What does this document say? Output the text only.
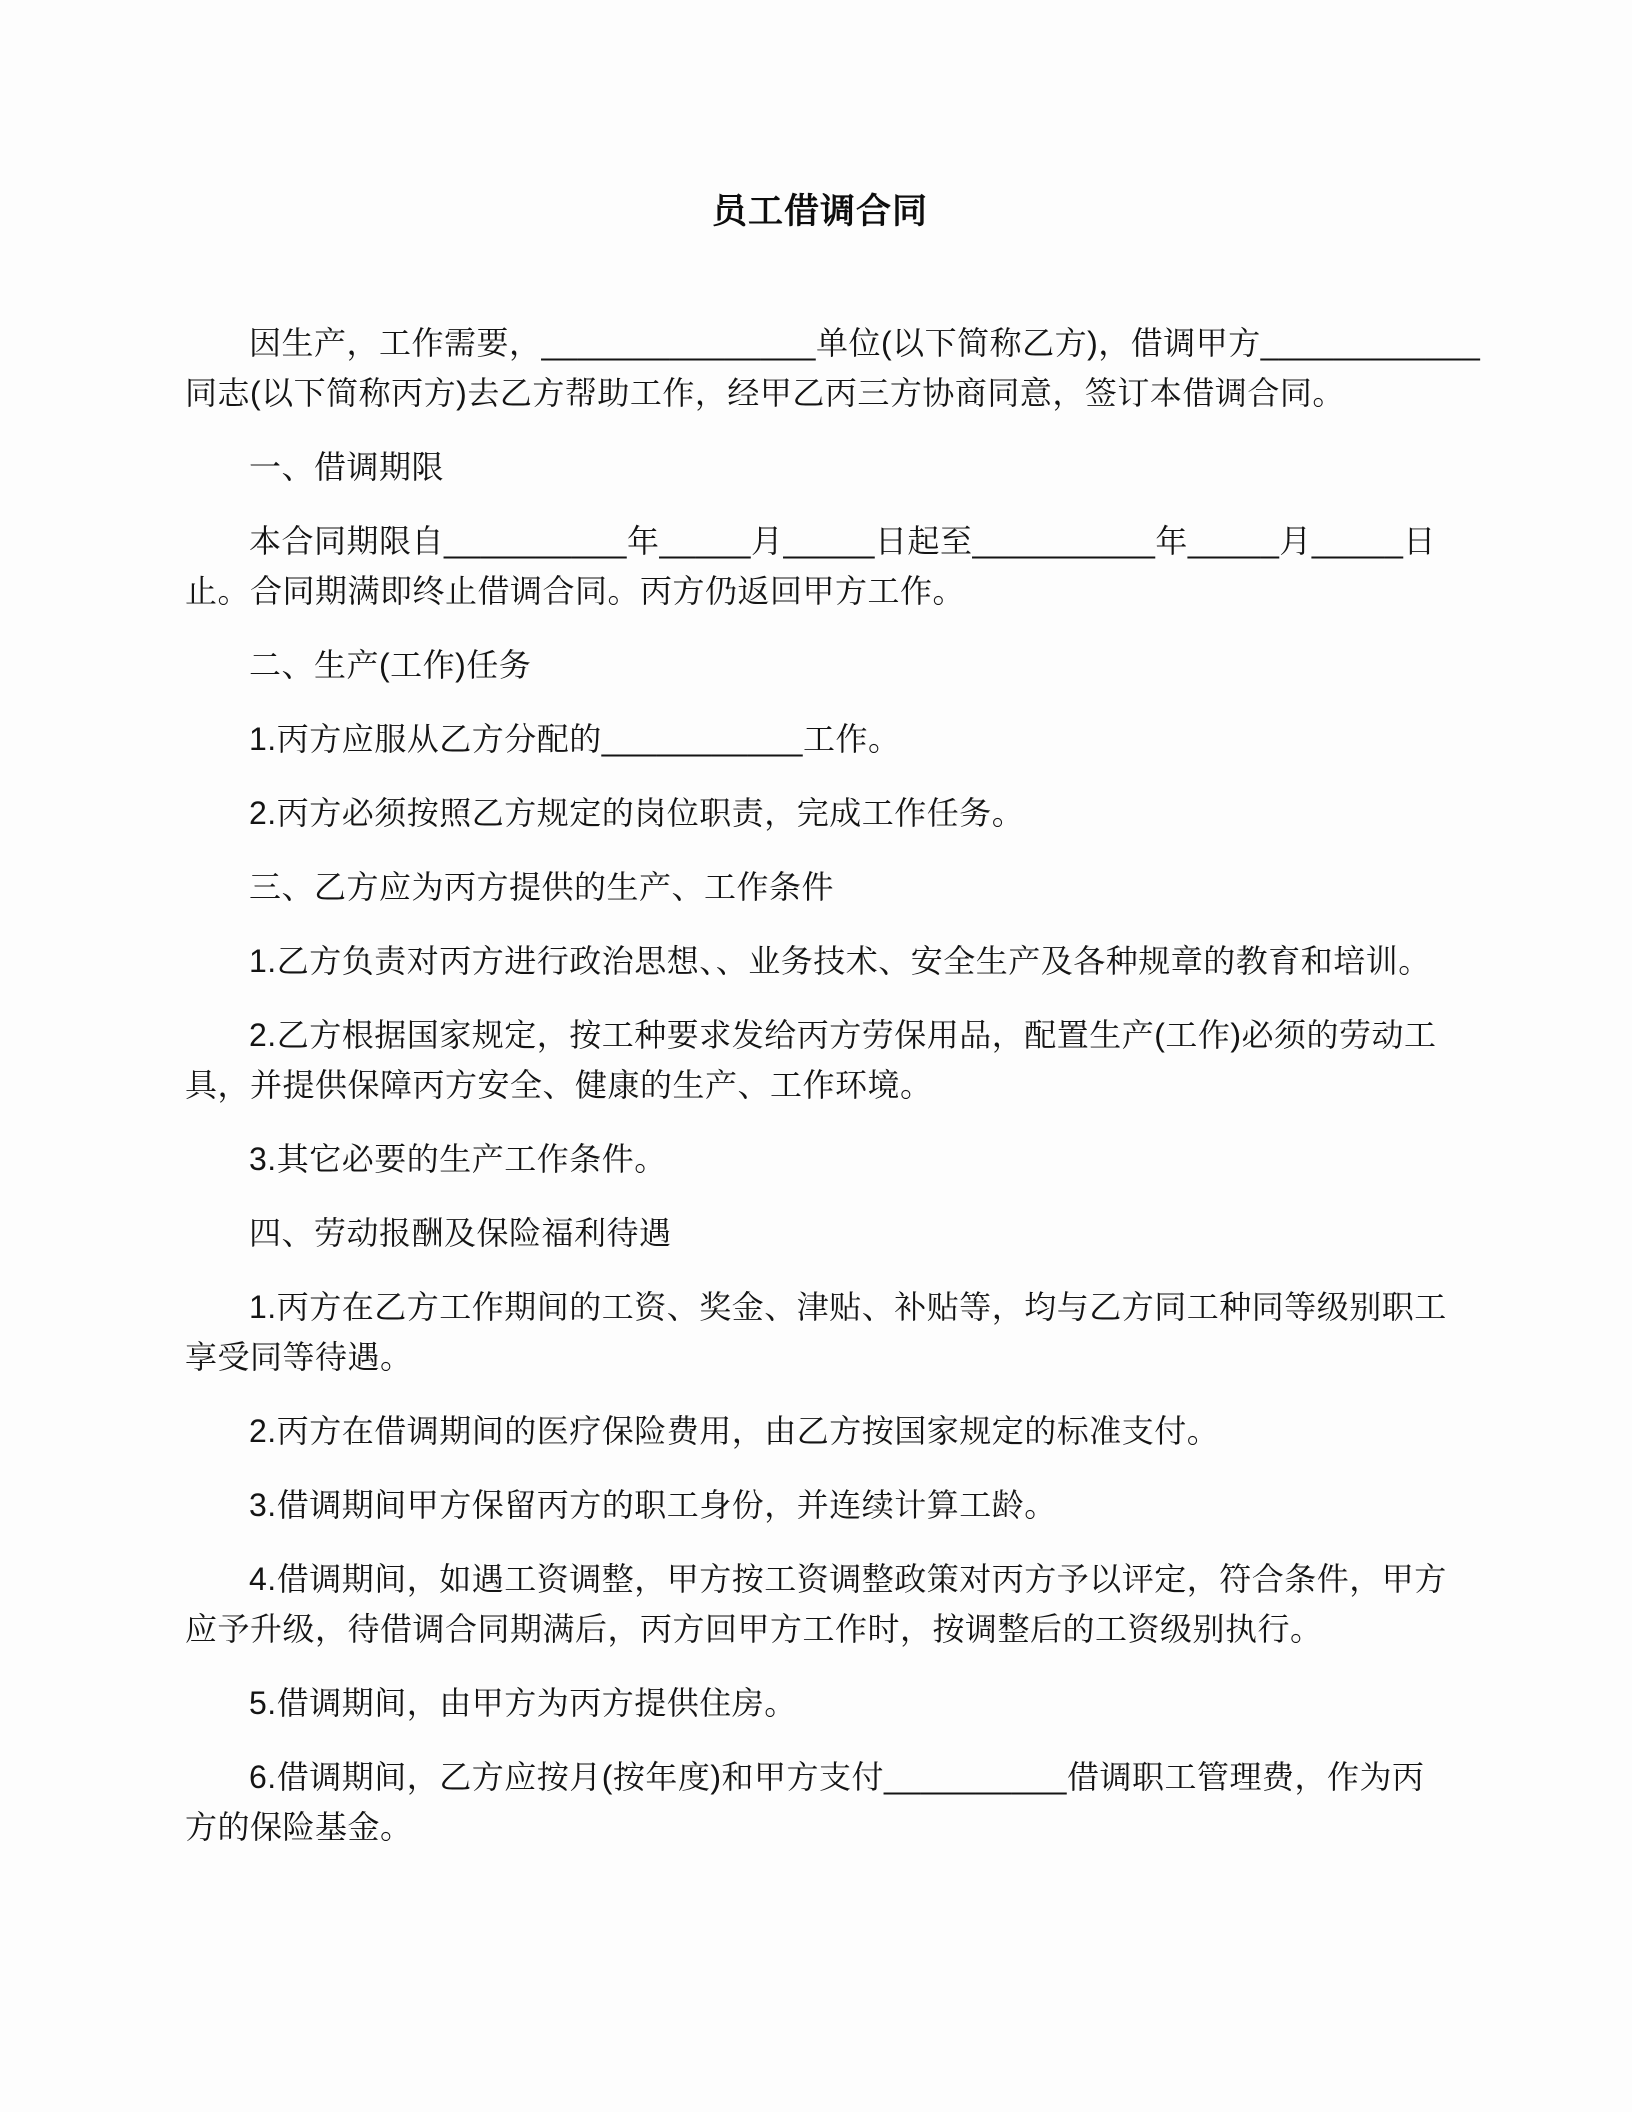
员工借调合同
因生产，工作需要，_______________单位(以下简称乙方)，借调甲方____________
同志(以下简称丙方)去乙方帮助工作，经甲乙丙三方协商同意，签订本借调合同。
一、借调期限
本合同期限自__________年_____月_____日起至__________年_____月_____日
止。合同期满即终止借调合同。丙方仍返回甲方工作。
二、生产(工作)任务
1.丙方应服从乙方分配的___________工作。
2.丙方必须按照乙方规定的岗位职责，完成工作任务。
三、乙方应为丙方提供的生产、工作条件
1.乙方负责对丙方进行政治思想、、业务技术、安全生产及各种规章的教育和培训。
2.乙方根据国家规定，按工种要求发给丙方劳保用品，配置生产(工作)必须的劳动工
具，并提供保障丙方安全、健康的生产、工作环境。
3.其它必要的生产工作条件。
四、劳动报酬及保险福利待遇
1.丙方在乙方工作期间的工资、奖金、津贴、补贴等，均与乙方同工种同等级别职工
享受同等待遇。
2.丙方在借调期间的医疗保险费用，由乙方按国家规定的标准支付。
3.借调期间甲方保留丙方的职工身份，并连续计算工龄。
4.借调期间，如遇工资调整，甲方按工资调整政策对丙方予以评定，符合条件，甲方
应予升级，待借调合同期满后，丙方回甲方工作时，按调整后的工资级别执行。
5.借调期间，由甲方为丙方提供住房。
6.借调期间，乙方应按月(按年度)和甲方支付__________借调职工管理费，作为丙
方的保险基金。
